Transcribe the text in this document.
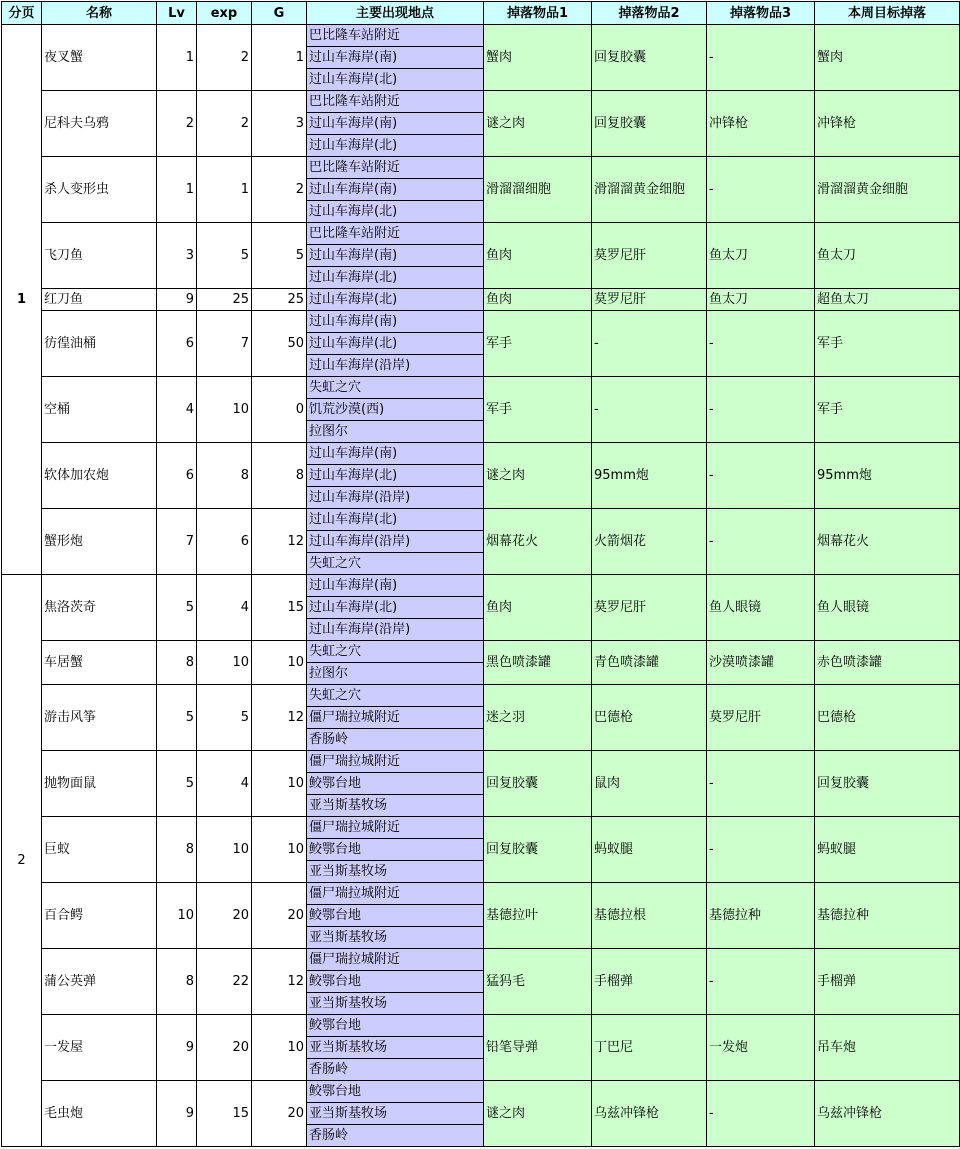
分页	名称	Lv	exp	G	主要出现地点	掉落物品1	掉落物品2	掉落物品3	本周目标掉落
1	夜叉蟹	1	2	1	巴比隆车站附近	蟹肉	回复胶囊	-	蟹肉
					过山车海岸(南)				
					过山车海岸(北)				
	尼科夫乌鸦	2	2	3	巴比隆车站附近	谜之肉	回复胶囊	冲锋枪	冲锋枪
					过山车海岸(南)				
					过山车海岸(北)				
	杀人变形虫	1	1	2	巴比隆车站附近	滑溜溜细胞	滑溜溜黄金细胞	-	滑溜溜黄金细胞
					过山车海岸(南)				
					过山车海岸(北)				
	飞刀鱼	3	5	5	巴比隆车站附近	鱼肉	莫罗尼肝	鱼太刀	鱼太刀
					过山车海岸(南)				
					过山车海岸(北)				
	红刀鱼	9	25	25	过山车海岸(北)	鱼肉	莫罗尼肝	鱼太刀	超鱼太刀
	彷徨油桶	6	7	50	过山车海岸(南)	军手	-	-	军手
					过山车海岸(北)				
					过山车海岸(沿岸)				
	空桶	4	10	0	失虹之穴	军手	-	-	军手
					饥荒沙漠(西)				
					拉图尔				
	软体加农炮	6	8	8	过山车海岸(南)	谜之肉	95mm炮	-	95mm炮
					过山车海岸(北)				
					过山车海岸(沿岸)				
	蟹形炮	7	6	12	过山车海岸(北)	烟幕花火	火箭烟花	-	烟幕花火
					过山车海岸(沿岸)				
					失虹之穴				
2	焦洛茨奇	5	4	15	过山车海岸(南)	鱼肉	莫罗尼肝	鱼人眼镜	鱼人眼镜
					过山车海岸(北)				
					过山车海岸(沿岸)				
	车居蟹	8	10	10	失虹之穴	黑色喷漆罐	青色喷漆罐	沙漠喷漆罐	赤色喷漆罐
					拉图尔				
	游击风筝	5	5	12	失虹之穴	迷之羽	巴德枪	莫罗尼肝	巴德枪
					僵尸瑞拉城附近				
					香肠岭				
	抛物面鼠	5	4	10	僵尸瑞拉城附近	回复胶囊	鼠肉	-	回复胶囊
					鲛鄂台地				
					亚当斯基牧场				
	巨蚁	8	10	10	僵尸瑞拉城附近	回复胶囊	蚂蚁腿	-	蚂蚁腿
					鲛鄂台地				
					亚当斯基牧场				
	百合鳄	10	20	20	僵尸瑞拉城附近	基德拉叶	基德拉根	基德拉种	基德拉种
					鲛鄂台地				
					亚当斯基牧场				
	蒲公英弹	8	22	12	僵尸瑞拉城附近	猛犸毛	手榴弹	-	手榴弹
					鲛鄂台地				
					亚当斯基牧场				
	一发屋	9	20	10	鲛鄂台地	铅笔导弹	丁巴尼	一发炮	吊车炮
					亚当斯基牧场				
					香肠岭				
	毛虫炮	9	15	20	鲛鄂台地	谜之肉	乌兹冲锋枪	-	乌兹冲锋枪
					亚当斯基牧场				
					香肠岭				
